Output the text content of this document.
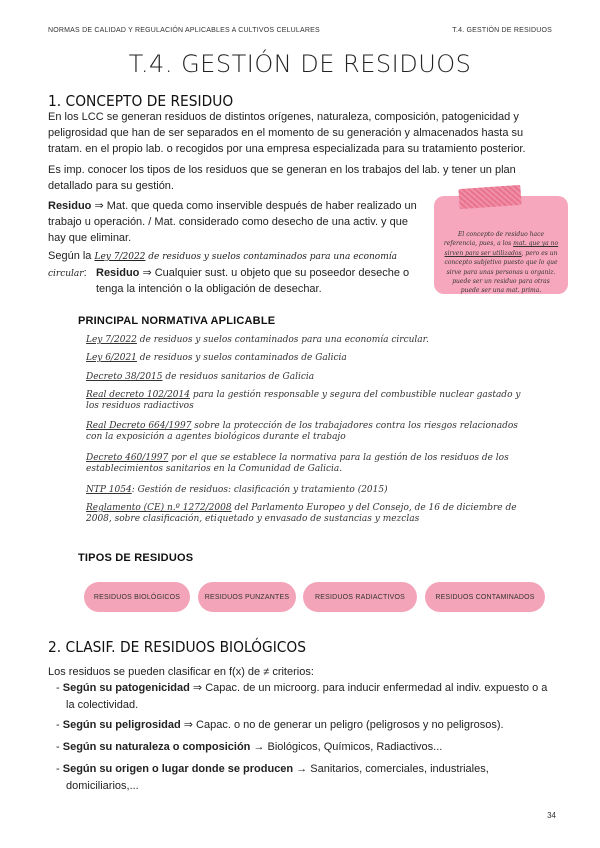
NORMAS DE CALIDAD Y REGULACIÓN APLICABLES A CULTIVOS CELULARES	T.4. GESTIÓN DE RESIDUOS
T.4. GESTIÓN DE RESIDUOS
1. CONCEPTO DE RESIDUO
En los LCC se generan residuos de distintos orígenes, naturaleza, composición, patogenicidad y
peligrosidad que han de ser separados en el momento de su generación y almacenados hasta su
tratam. en el propio lab. o recogidos por una empresa especializada para su tratamiento posterior.
Es imp. conocer los tipos de los residuos que se generan en los trabajos del lab. y tener un plan
detallado para su gestión.
Residuo ⇒ Mat. que queda como inservible después de haber realizado un
trabajo u operación. / Mat. considerado como desecho de una activ. y que
hay que eliminar.
Según la Ley 7/2022 de residuos y suelos contaminados para una economía circular: Residuo ⇒ Cualquier sust. u objeto que su poseedor deseche o
tenga la intención o la obligación de desechar.
El concepto de residuo hace
referencia, pues, a los mat. que ya no
sirven para ser utilizados, pero es un
concepto subjetivo puesto que lo que
sirve para unas personas u organiz.
puede ser un residuo para otras
puede ser una mat. prima.
PRINCIPAL NORMATIVA APLICABLE
Ley 7/2022 de residuos y suelos contaminados para una economía circular.
Ley 6/2021 de residuos y suelos contaminados de Galicia
Decreto 38/2015 de residuos sanitarios de Galicia
Real decreto 102/2014 para la gestión responsable y segura del combustible nuclear gastado y
los residuos radiactivos
Real Decreto 664/1997 sobre la protección de los trabajadores contra los riesgos relacionados
con la exposición a agentes biológicos durante el trabajo
Decreto 460/1997 por el que se establece la normativa para la gestión de los residuos de los
establecimientos sanitarios en la Comunidad de Galicia.
NTP 1054: Gestión de residuos: clasificación y tratamiento (2015)
Reglamento (CE) n.º 1272/2008 del Parlamento Europeo y del Consejo, de 16 de diciembre de
2008, sobre clasificación, etiquetado y envasado de sustancias y mezclas
TIPOS DE RESIDUOS
RESIDUOS BIOLÓGICOS	RESIDUOS PUNZANTES	RESIDUOS RADIACTIVOS	RESIDUOS CONTAMINADOS
2. CLASIF. DE RESIDUOS BIOLÓGICOS
Los residuos se pueden clasificar en f(x) de ≠ criterios:
- Según su patogenicidad ⇒ Capac. de un microorg. para inducir enfermedad al indiv. expuesto o a
la colectividad.
- Según su peligrosidad ⇒ Capac. o no de generar un peligro (peligrosos y no peligrosos).
- Según su naturaleza o composición → Biológicos, Químicos, Radiactivos...
- Según su origen o lugar donde se producen → Sanitarios, comerciales, industriales,
domiciliarios,...
34
